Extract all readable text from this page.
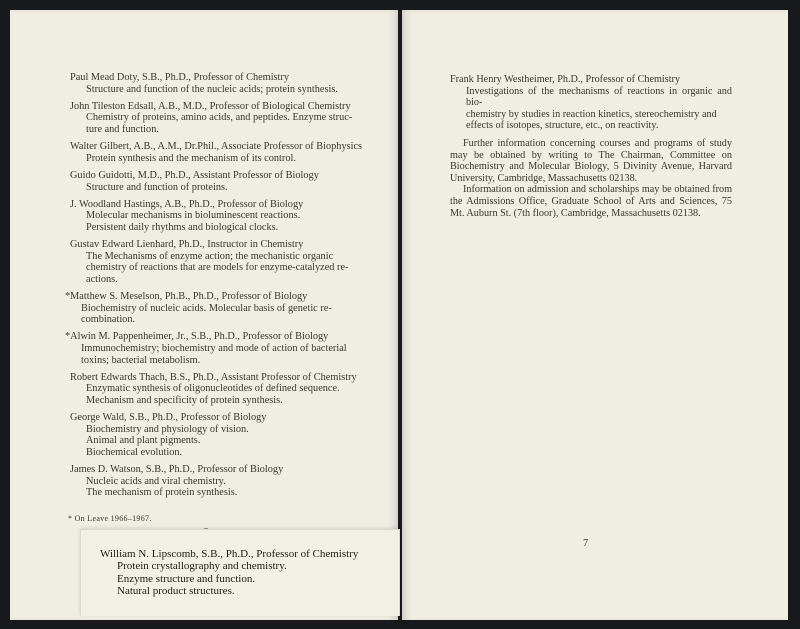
Paul Mead Doty, S.B., Ph.D., Professor of Chemistry
Structure and function of the nucleic acids; protein synthesis.
John Tileston Edsall, A.B., M.D., Professor of Biological Chemistry
Chemistry of proteins, amino acids, and peptides. Enzyme struc-
ture and function.
Walter Gilbert, A.B., A.M., Dr.Phil., Associate Professor of Biophysics
Protein synthesis and the mechanism of its control.
Guido Guidotti, M.D., Ph.D., Assistant Professor of Biology
Structure and function of proteins.
J. Woodland Hastings, A.B., Ph.D., Professor of Biology
Molecular mechanisms in bioluminescent reactions.
Persistent daily rhythms and biological clocks.
Gustav Edward Lienhard, Ph.D., Instructor in Chemistry
The Mechanisms of enzyme action; the mechanistic organic
chemistry of reactions that are models for enzyme-catalyzed re-
actions.
*Matthew S. Meselson, Ph.B., Ph.D., Professor of Biology
Biochemistry of nucleic acids. Molecular basis of genetic re-
combination.
*Alwin M. Pappenheimer, Jr., S.B., Ph.D., Professor of Biology
Immunochemistry; biochemistry and mode of action of bacterial
toxins; bacterial metabolism.
Robert Edwards Thach, B.S., Ph.D., Assistant Professor of Chemistry
Enzymatic synthesis of oligonucleotides of defined sequence.
Mechanism and specificity of protein synthesis.
George Wald, S.B., Ph.D., Professor of Biology
Biochemistry and physiology of vision.
Animal and plant pigments.
Biochemical evolution.
James D. Watson, S.B., Ph.D., Professor of Biology
Nucleic acids and viral chemistry.
The mechanism of protein synthesis.
* On Leave 1966–1967.
Frank Henry Westheimer, Ph.D., Professor of Chemistry
Investigations of the mechanisms of reactions in organic and bio-
chemistry by studies in reaction kinetics, stereochemistry and
effects of isotopes, structure, etc., on reactivity.

Further information concerning courses and programs of study may be obtained by writing to The Chairman, Committee on Biochemistry and Molecular Biology, 5 Divinity Avenue, Harvard University, Cambridge, Massachusetts 02138.

Information on admission and scholarships may be obtained from the Admissions Office, Graduate School of Arts and Sciences, 75 Mt. Auburn St. (7th floor), Cambridge, Massachusetts 02138.

7
William N. Lipscomb, S.B., Ph.D., Professor of Chemistry
Protein crystallography and chemistry.
Enzyme structure and function.
Natural product structures.
